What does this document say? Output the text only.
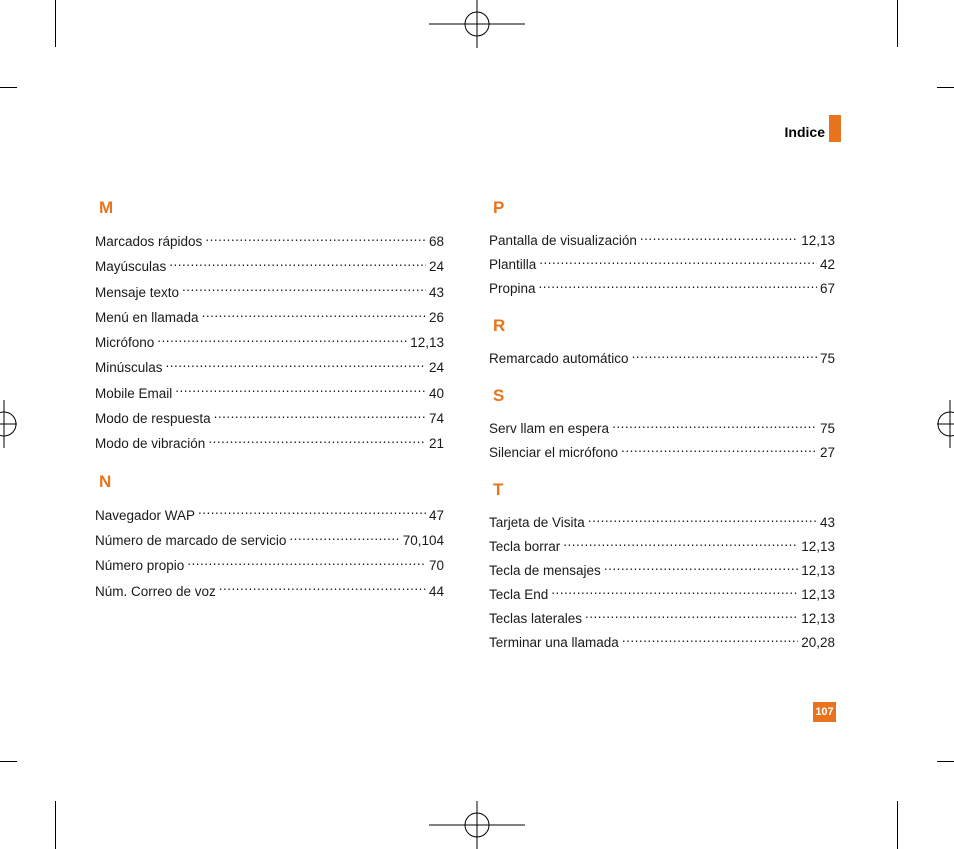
Indice
M
Marcados rápidos .....	68
Mayúsculas .....	24
Mensaje texto .....	43
Menú en llamada .....	26
Micrófono .....	12,13
Minúsculas .....	24
Mobile Email .....	40
Modo de respuesta .....	74
Modo de vibración .....	21
N
Navegador WAP .....	47
Número de marcado de servicio .....	70,104
Número propio .....	70
Núm. Correo de voz .....	44
P
Pantalla de visualización .....	12,13
Plantilla .....	42
Propina .....	67
R
Remarcado automático .....	75
S
Serv llam en espera .....	75
Silenciar el micrófono .....	27
T
Tarjeta de Visita .....	43
Tecla borrar .....	12,13
Tecla de mensajes .....	12,13
Tecla End .....	12,13
Teclas laterales .....	12,13
Terminar una llamada .....	20,28
107
